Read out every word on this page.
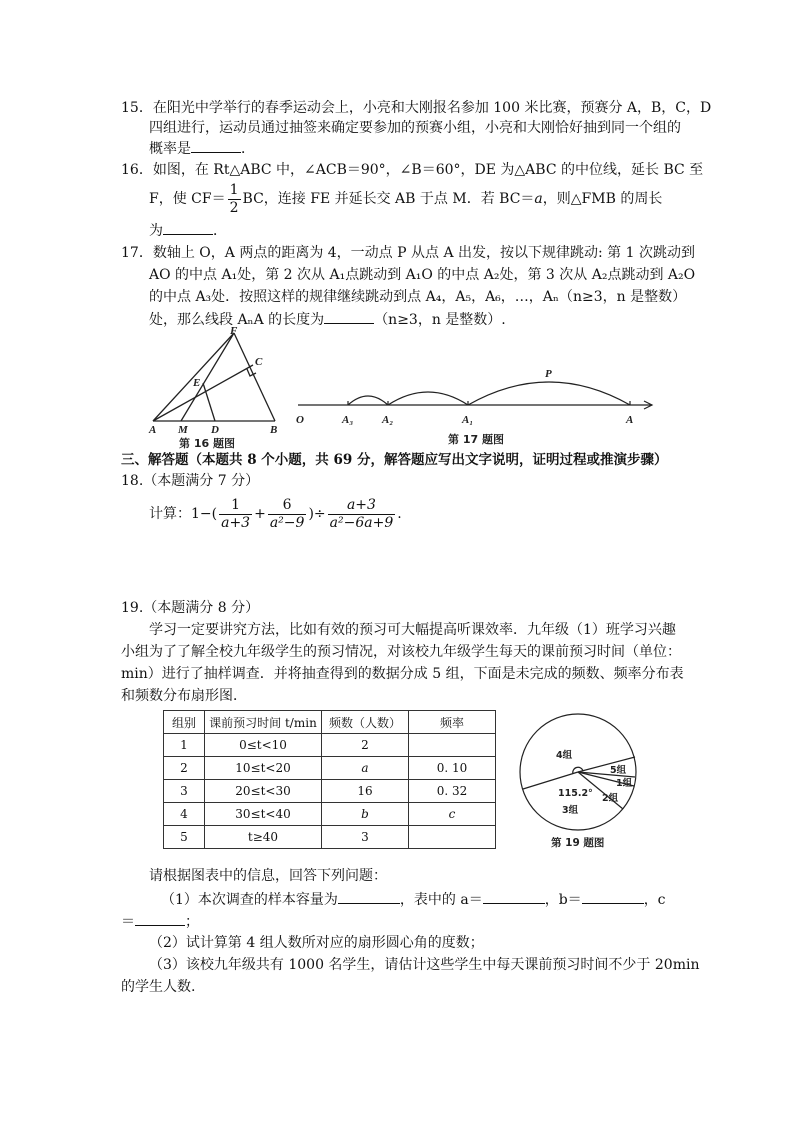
15．在阳光中学举行的春季运动会上，小亮和大刚报名参加 100 米比赛，预赛分 A，B，C，D
四组进行，运动员通过抽签来确定要参加的预赛小组，小亮和大刚恰好抽到同一个组的
概率是	．
16．如图，在 Rt△ABC 中，∠ACB＝90°，∠B＝60°，DE 为△ABC 的中位线，延长 BC 至
F，使 $CF= \frac{1}{2}$ BC，连接 FE 并延长交 AB 于点 M．若 BC＝a，则△FMB 的周长
为	．
17．数轴上 O，A 两点的距离为 4，一动点 P 从点 A 出发，按以下规律跳动: 第 1 次跳动到
AO 的中点 A₁处，第 2 次从 A₁点跳动到 A₁O 的中点 A₂处，第 3 次从 A₂点跳动到 A₂O
的中点 A₃处．按照这样的规律继续跳动到点 A₄，A₅，A₆，…，Aₙ（n≥3，n 是整数）
处，那么线段 AₙA 的长度为	（n≥3，n 是整数）.
F
C
E
A M D	B
第 16 题图
O	A₃	A₂	A₁	A
P
第 17 题图
三、解答题（本题共 8 个小题，共 69 分，解答题应写出文字说明，证明过程或推演步骤）
18.（本题满分 7 分）
计算：$1-( \frac{1}{a+3} + \frac{6}{\text{a²−9}}$ )÷ $\frac{a+3}{\text{a²−6a+9}}$ .
19.（本题满分 8 分）
学习一定要讲究方法，比如有效的预习可大幅提高听课效率．九年级（1）班学习兴趣
小组为了了解全校九年级学生的预习情况，对该校九年级学生每天的课前预习时间（单位：
min）进行了抽样调查．并将抽查得到的数据分成 5 组，下面是未完成的频数、频率分布表
和频数分布扇形图．
组别	课前预习时间 t/min	频数（人数）	频率
1	0≤t<10	2	
2	10≤t<20	a	0. 10
3	20≤t<30	16	0. 32
4	30≤t<40	b	c
5	t≥40	3	
4组
5组
1组
2组
3组
115.2°
第 19 题图
请根据图表中的信息，回答下列问题：
（1）本次调查的样本容量为	，表中的 a＝	，b＝	，c
＝	；
（2）试计算第 4 组人数所对应的扇形圆心角的度数；
（3）该校九年级共有 1000 名学生，请估计这些学生中每天课前预习时间不少于 20min
的学生人数.
